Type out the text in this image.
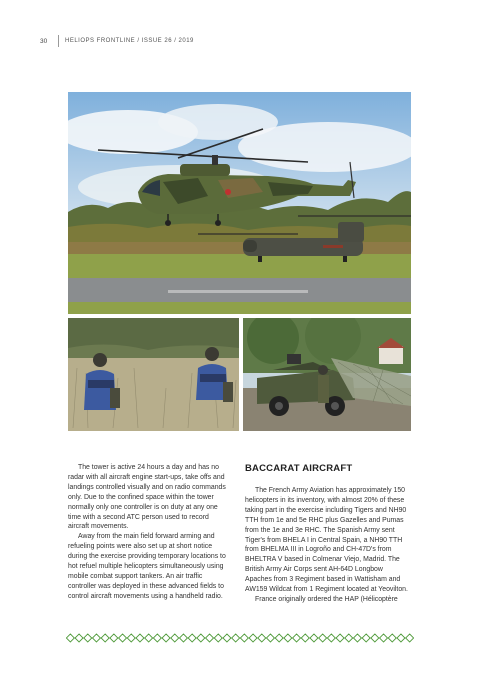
30	HELIOPS FRONTLINE / ISSUE 26 / 2019

The tower is active 24 hours a day and has no radar with all aircraft engine start-ups, take offs and landings controlled visually and on radio commands only. Due to the confined space within the tower normally only one controller is on duty at any one time with a second ATC person used to record aircraft movements.

Away from the main field forward arming and refueling points were also set up at short notice during the exercise providing temporary locations to hot refuel multiple helicopters simultaneously using mobile combat support tankers. An air traffic controller was deployed in these advanced fields to control aircraft movements using a handheld radio.

BACCARAT AIRCRAFT

The French Army Aviation has approximately 150 helicopters in its inventory, with almost 20% of these taking part in the exercise including Tigers and NH90 TTH from 1e and 5e RHC plus Gazelles and Pumas from the 1e and 3e RHC. The Spanish Army sent Tiger's from BHELA I in Central Spain, a NH90 TTH from BHELMA III in Logroño and CH-47D's from BHELTRA V based in Colmenar Viejo, Madrid. The British Army Air Corps sent AH-64D Longbow Apaches from 3 Regiment based in Wattisham and AW159 Wildcat from 1 Regiment located at Yeovilton.

France originally ordered the HAP (Hélicoptère
